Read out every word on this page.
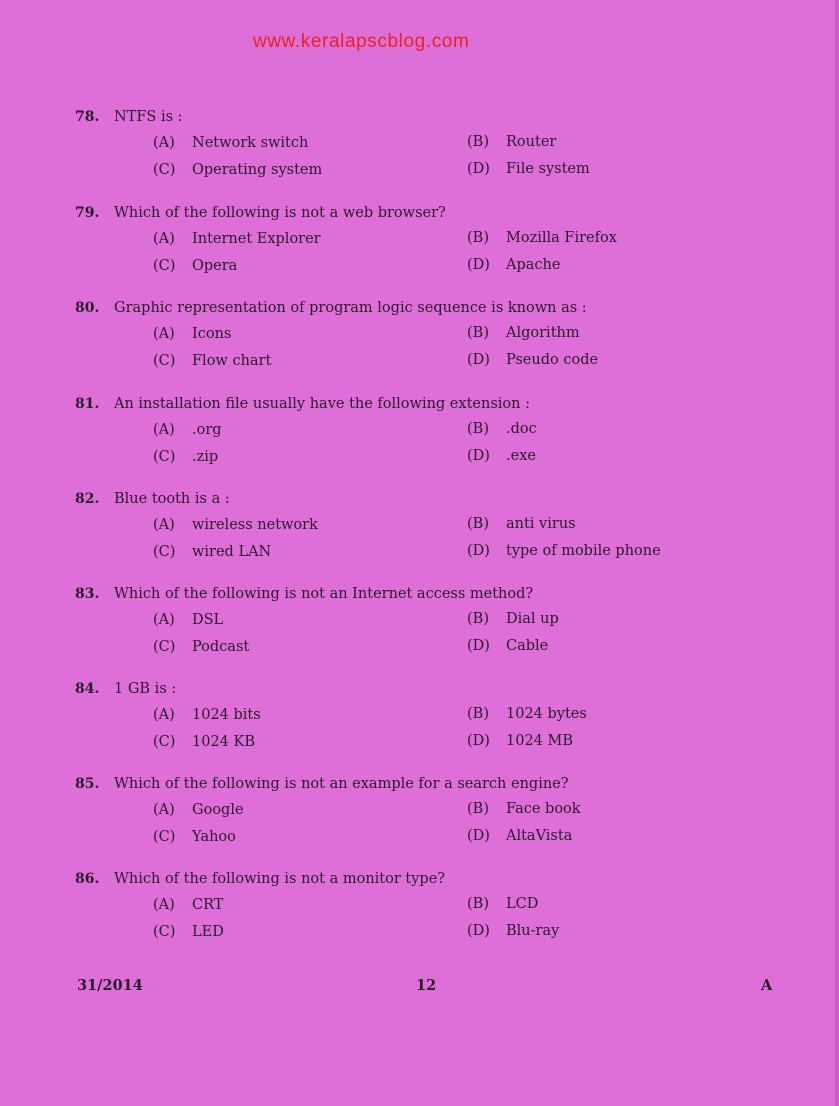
www.keralapscblog.com
78. NTFS is :
(A) Network switch	(B) Router
(C) Operating system	(D) File system
79. Which of the following is not a web browser?
(A) Internet Explorer	(B) Mozilla Firefox
(C) Opera	(D) Apache
80. Graphic representation of program logic sequence is known as :
(A) Icons	(B) Algorithm
(C) Flow chart	(D) Pseudo code
81. An installation file usually have the following extension :
(A) .org	(B) .doc
(C) .zip	(D) .exe
82. Blue tooth is a :
(A) wireless network	(B) anti virus
(C) wired LAN	(D) type of mobile phone
83. Which of the following is not an Internet access method?
(A) DSL	(B) Dial up
(C) Podcast	(D) Cable
84. 1 GB is :
(A) 1024 bits	(B) 1024 bytes
(C) 1024 KB	(D) 1024 MB
85. Which of the following is not an example for a search engine?
(A) Google	(B) Face book
(C) Yahoo	(D) AltaVista
86. Which of the following is not a monitor type?
(A) CRT	(B) LCD
(C) LED	(D) Blu-ray
31/2014	12	A
